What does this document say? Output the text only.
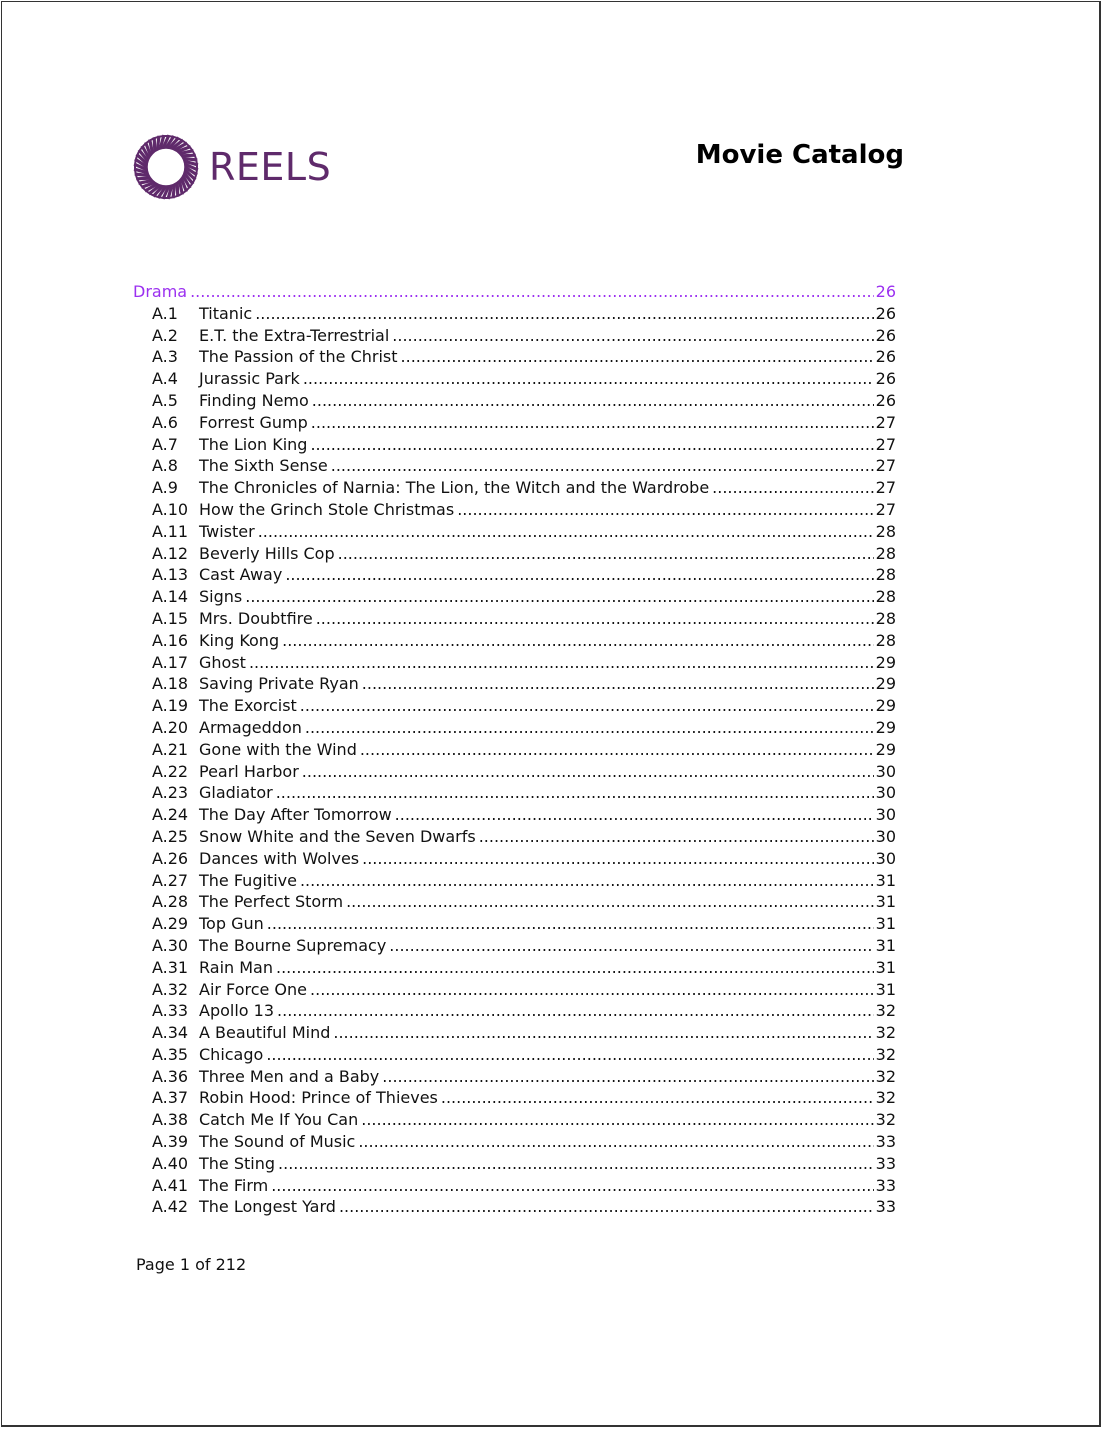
REELS	Movie Catalog
Drama .....	26
A.1	Titanic .....	26
A.2	E.T. the Extra-Terrestrial .....	26
A.3	The Passion of the Christ .....	26
A.4	Jurassic Park .....	26
A.5	Finding Nemo .....	26
A.6	Forrest Gump .....	27
A.7	The Lion King .....	27
A.8	The Sixth Sense .....	27
A.9	The Chronicles of Narnia: The Lion, the Witch and the Wardrobe .....	27
A.10 How the Grinch Stole Christmas .....	27
A.11 Twister .....	28
A.12 Beverly Hills Cop .....	28
A.13 Cast Away .....	28
A.14 Signs .....	28
A.15 Mrs. Doubtfire .....	28
A.16 King Kong .....	28
A.17 Ghost .....	29
A.18 Saving Private Ryan .....	29
A.19 The Exorcist .....	29
A.20 Armageddon .....	29
A.21 Gone with the Wind .....	29
A.22 Pearl Harbor .....	30
A.23 Gladiator .....	30
A.24 The Day After Tomorrow .....	30
A.25 Snow White and the Seven Dwarfs .....	30
A.26 Dances with Wolves .....	30
A.27 The Fugitive .....	31
A.28 The Perfect Storm .....	31
A.29 Top Gun .....	31
A.30 The Bourne Supremacy .....	31
A.31 Rain Man .....	31
A.32 Air Force One .....	31
A.33 Apollo 13 .....	32
A.34 A Beautiful Mind .....	32
A.35 Chicago .....	32
A.36 Three Men and a Baby .....	32
A.37 Robin Hood: Prince of Thieves .....	32
A.38 Catch Me If You Can .....	32
A.39 The Sound of Music .....	33
A.40 The Sting .....	33
A.41 The Firm .....	33
A.42 The Longest Yard .....	33
Page 1 of 212
